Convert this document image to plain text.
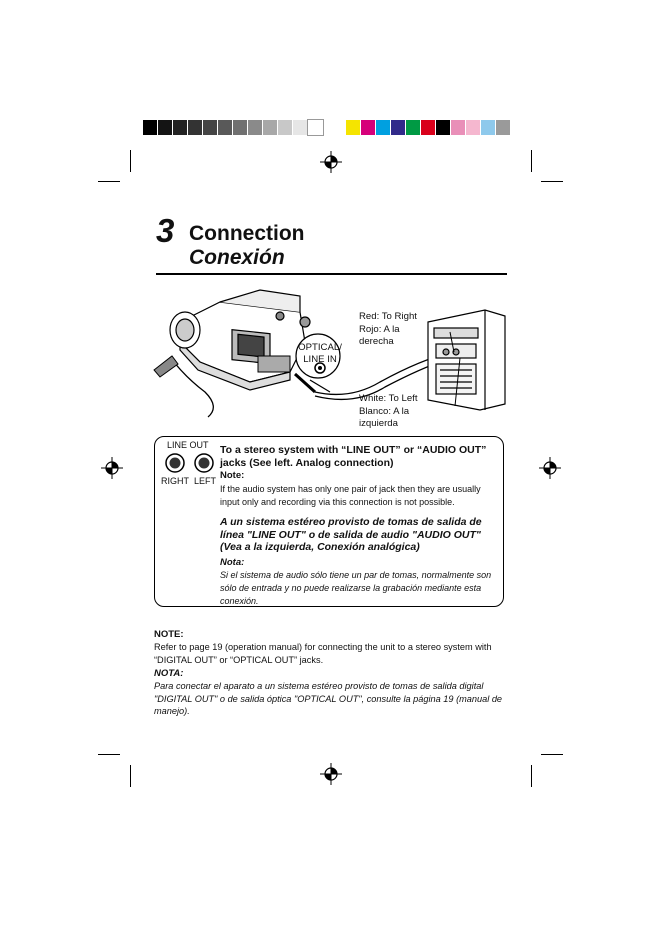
3 Connection
Conexión
OPTICAL/
LINE IN
Red: To Right
Rojo: A la
derecha
White: To Left
Blanco: A la
izquierda
LINE OUT
RIGHT LEFT
To a stereo system with “LINE OUT” or “AUDIO OUT” jacks (See left. Analog connection)
Note:
If the audio system has only one pair of jack then they are usually input only and recording via this connection is not possible.
A un sistema estéreo provisto de tomas de salida de línea "LINE OUT" o de salida de audio "AUDIO OUT" (Vea a la izquierda, Conexión analógica)
Nota:
Si el sistema de audio sólo tiene un par de tomas, normalmente son sólo de entrada y no puede realizarse la grabación mediante esta conexión.
NOTE:
Refer to page 19 (operation manual) for connecting the unit to a stereo system with “DIGITAL OUT” or “OPTICAL OUT” jacks.
NOTA:
Para conectar el aparato a un sistema estéreo provisto de tomas de salida digital "DIGITAL OUT" o de salida óptica "OPTICAL OUT", consulte la página 19 (manual de manejo).
